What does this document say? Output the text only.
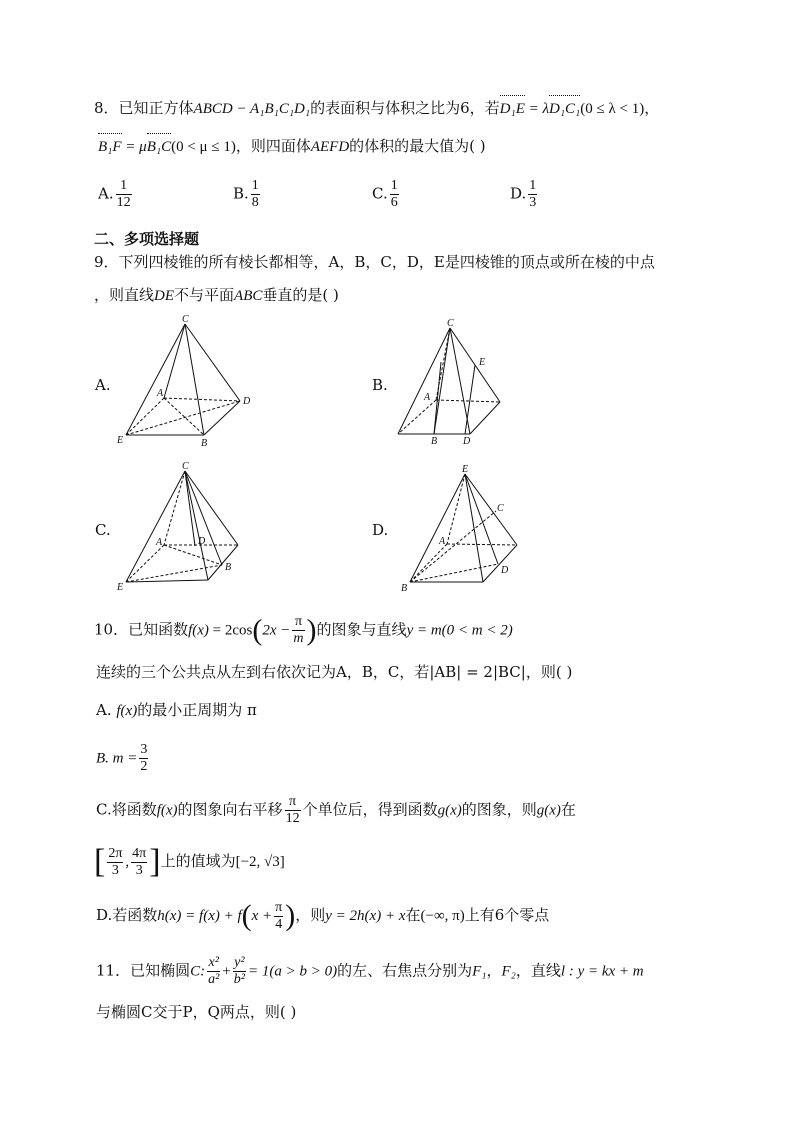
8．已知正方体ABCD − A₁B₁C₁D₁的表面积与体积之比为6，若D₁E = λD₁C₁(0 ≤ λ < 1)，
B₁F = μB₁C(0 < μ ≤ 1)，则四面体AEFD的体积的最大值为( )
A. $\frac{1}{12}$	B. $\frac{1}{8}$	C. $\frac{1}{6}$	D. $\frac{1}{3}$
二、多项选择题
9．下列四棱锥的所有棱长都相等，A，B，C，D，E是四棱锥的顶点或所在棱的中点
，则直线DE不与平面ABC垂直的是( )
A.	B.
C.	D.
C
A
D
E	B
C
E
A
B	D
C
A	D
E
B
E
C
A
B
D
10．已知函数$f(x) = 2\cos(2x - \frac{\pi}{m}$ )的图象与直线y = m(0 < m < 2)
连续的三个公共点从左到右依次记为A，B，C，若|AB| = 2|BC|，则( )
A. f(x)的最小正周期为 π
B. $m = \frac{3}{2}$
C.将函数f(x)的图象向右平移 $\frac{\pi}{12}$ 个单位后，得到函数g(x)的图象，则g(x)在
[ $\frac{2\pi}{3}$ , $\frac{4\pi}{3}$ ]上的值域为[−2, √3]
D.若函数$h(x) = f(x) + f(x + \frac{\pi}{4}$ )，则y = 2h(x) + x在(−∞, π)上有6个零点
11．已知椭圆C: $\frac{\text{x²}}{\text{a²}} + \frac{\text{y²}}{\text{b²}} = 1(a > b > 0)$的左、右焦点分别为F₁，F₂，直线l : y = kx + m
与椭圆C交于P，Q两点，则( )
